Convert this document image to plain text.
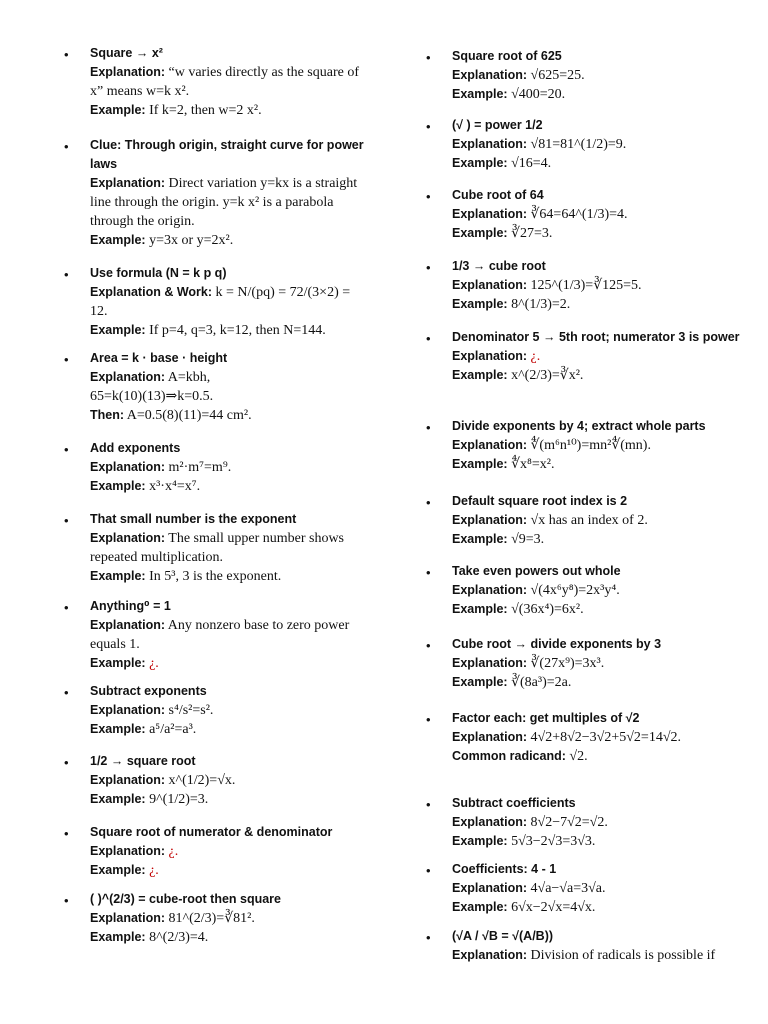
• Square → x²
Explanation: “w varies directly as the square of x” means w=k x².
Example: If k=2, then w=2 x².
• Clue: Through origin, straight curve for power laws
Explanation: Direct variation y=kx is a straight line through the origin. y=k x² is a parabola through the origin.
Example: y=3x or y=2x².
• Use formula (N = k p q)
Explanation & Work: k = N/(pq) = 72/(3×2) = 12.
Example: If p=4, q=3, k=12, then N=144.
• Area = k · base · height
Explanation: A=kbh,
65=k(10)(13)⇒k=0.5.
Then: A=0.5(8)(11)=44 cm².
• Add exponents
Explanation: m²·m⁷=m⁹.
Example: x³·x⁴=x⁷.
• That small number is the exponent
Explanation: The small upper number shows repeated multiplication.
Example: In 5³, 3 is the exponent.
• Anything⁰ = 1
Explanation: Any nonzero base to zero power equals 1.
Example: ¿.
• Subtract exponents
Explanation: s⁴/s²=s².
Example: a⁵/a²=a³.
• 1/2 → square root
Explanation: x^(1/2)=√x.
Example: 9^(1/2)=3.
• Square root of numerator & denominator
Explanation: ¿.
Example: ¿.
• ( )^(2/3) = cube-root then square
Explanation: 81^(2/3)=∛81².
Example: 8^(2/3)=4.
• Square root of 625
Explanation: √625=25.
Example: √400=20.
• (√ ) = power 1/2
Explanation: √81=81^(1/2)=9.
Example: √16=4.
• Cube root of 64
Explanation: ∛64=64^(1/3)=4.
Example: ∛27=3.
• 1/3 → cube root
Explanation: 125^(1/3)=∛125=5.
Example: 8^(1/3)=2.
• Denominator 5 → 5th root; numerator 3 is power
Explanation: ¿.
Example: x^(2/3)=∛x².
• Divide exponents by 4; extract whole parts
Explanation: ∜(m⁶n¹⁰)=mn²∜(mn).
Example: ∜x⁸=x².
• Default square root index is 2
Explanation: √x has an index of 2.
Example: √9=3.
• Take even powers out whole
Explanation: √(4x⁶y⁸)=2x³y⁴.
Example: √(36x⁴)=6x².
• Cube root → divide exponents by 3
Explanation: ∛(27x⁹)=3x³.
Example: ∛(8a³)=2a.
• Factor each: get multiples of √2
Explanation: 4√2+8√2−3√2+5√2=14√2.
Common radicand: √2.
• Subtract coefficients
Explanation: 8√2−7√2=√2.
Example: 5√3−2√3=3√3.
• Coefficients: 4 - 1
Explanation: 4√a−√a=3√a.
Example: 6√x−2√x=4√x.
• (√A / √B = √(A/B))
Explanation: Division of radicals is possible if
